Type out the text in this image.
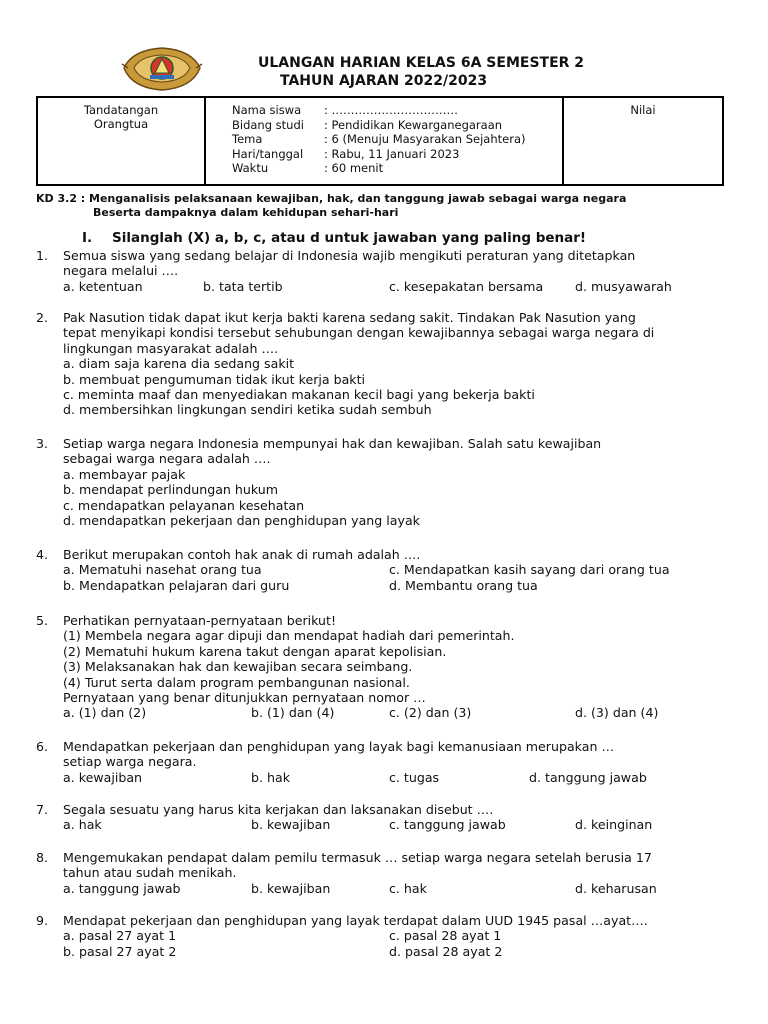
ULANGAN HARIAN KELAS 6A SEMESTER 2
TAHUN AJARAN 2022/2023
Tandatangan
Orangtua
Nama siswa	: ……………………………
Bidang studi	: Pendidikan Kewarganegaraan
Tema	: 6 (Menuju Masyarakan Sejahtera)
Hari/tanggal	: Rabu, 11 Januari 2023
Waktu	: 60 menit
Nilai
KD 3.2 : Menganalisis pelaksanaan kewajiban, hak, dan tanggung jawab sebagai warga negara
Beserta dampaknya dalam kehidupan sehari-hari
I. Silanglah (X) a, b, c, atau d untuk jawaban yang paling benar!
1. Semua siswa yang sedang belajar di Indonesia wajib mengikuti peraturan yang ditetapkan
negara melalui ….
a. ketentuan	b. tata tertib	c. kesepakatan bersama	d. musyawarah
2. Pak Nasution tidak dapat ikut kerja bakti karena sedang sakit. Tindakan Pak Nasution yang
tepat menyikapi kondisi tersebut sehubungan dengan kewajibannya sebagai warga negara di
lingkungan masyarakat adalah ….
a. diam saja karena dia sedang sakit
b. membuat pengumuman tidak ikut kerja bakti
c. meminta maaf dan menyediakan makanan kecil bagi yang bekerja bakti
d. membersihkan lingkungan sendiri ketika sudah sembuh
3. Setiap warga negara Indonesia mempunyai hak dan kewajiban. Salah satu kewajiban
sebagai warga negara adalah ….
a. membayar pajak
b. mendapat perlindungan hukum
c. mendapatkan pelayanan kesehatan
d. mendapatkan pekerjaan dan penghidupan yang layak
4. Berikut merupakan contoh hak anak di rumah adalah ….
a. Mematuhi nasehat orang tua	c. Mendapatkan kasih sayang dari orang tua
b. Mendapatkan pelajaran dari guru	d. Membantu orang tua
5. Perhatikan pernyataan-pernyataan berikut!
(1) Membela negara agar dipuji dan mendapat hadiah dari pemerintah.
(2) Mematuhi hukum karena takut dengan aparat kepolisian.
(3) Melaksanakan hak dan kewajiban secara seimbang.
(4) Turut serta dalam program pembangunan nasional.
Pernyataan yang benar ditunjukkan pernyataan nomor …
a. (1) dan (2)	b. (1) dan (4)	c. (2) dan (3)	d. (3) dan (4)
6. Mendapatkan pekerjaan dan penghidupan yang layak bagi kemanusiaan merupakan …
setiap warga negara.
a. kewajiban	b. hak	c. tugas	d. tanggung jawab
7. Segala sesuatu yang harus kita kerjakan dan laksanakan disebut ….
a. hak	b. kewajiban	c. tanggung jawab	d. keinginan
8. Mengemukakan pendapat dalam pemilu termasuk … setiap warga negara setelah berusia 17
tahun atau sudah menikah.
a. tanggung jawab	b. kewajiban	c. hak	d. keharusan
9. Mendapat pekerjaan dan penghidupan yang layak terdapat dalam UUD 1945 pasal …ayat….
a. pasal 27 ayat 1	c. pasal 28 ayat 1
b. pasal 27 ayat 2	d. pasal 28 ayat 2
